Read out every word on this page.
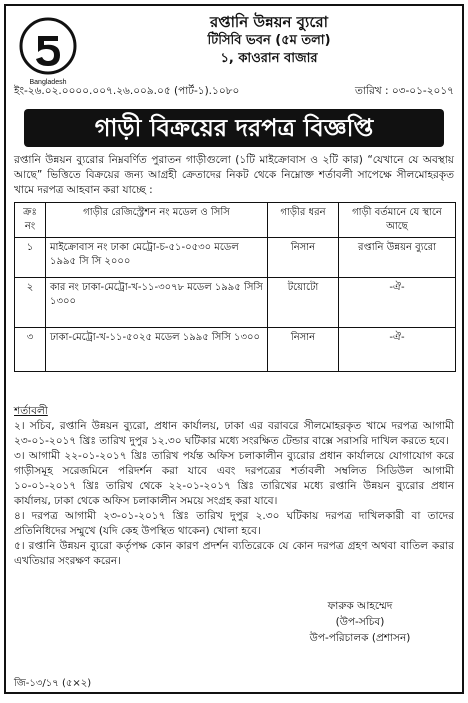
Bangladesh
রপ্তানি উন্নয়ন ব্যুরো
টিসিবি ভবন (৫ম তলা)
১, কাওরান বাজার
ইং-২৬.০২.০০০০.০০৭.২৬.০০৯.০৫ (পার্ট-১).১০৮০	তারিখ : ০৩-০১-২০১৭
গাড়ী বিক্রয়ের দরপত্র বিজ্ঞপ্তি
রপ্তানি উন্নয়ন ব্যুরোর নিম্নবর্ণিত পুরাতন গাড়ীগুলো (১টি মাইক্রোবাস ও ২টি কার) “যেখানে যে অবস্থায় আছে” ভিত্তিতে বিক্রয়ের জন্য আগ্রহী ক্রেতাদের নিকট থেকে নিম্নোক্ত শর্তাবলী সাপেক্ষে সীলমোহরকৃত খামে দরপত্র আহবান করা যাচ্ছে :
ক্রঃ নং	গাড়ীর রেজিস্ট্রেশন নং মডেল ও সিসি	গাড়ীর ধরন	গাড়ী বর্তমানে যে স্থানে আছে
১	মাইক্রোবাস নং ঢাকা মেট্রো-চ-৫১-০৫৩০ মডেল ১৯৯৫ সি সি ২০০০	নিসান	রপ্তানি উন্নয়ন ব্যুরো
২	কার নং ঢাকা-মেট্রো-খ-১১-৩০৭৮ মডেল ১৯৯৫ সিসি ১৩০০	টয়োটো	-ঐ-
৩	ঢাকা-মেট্রো-খ-১১-৫০২৫ মডেল ১৯৯৫ সিসি ১৩০০	নিসান	-ঐ-

শর্তাবলী

২। সচিব, রপ্তানি উন্নয়ন ব্যুরো, প্রধান কার্যালয়, ঢাকা এর বরাবরে সীলমোহরকৃত খামে দরপত্র আগামী ২৩-০১-২০১৭ খ্রিঃ তারিখ দুপুর ১২.৩০ ঘটিকার মধ্যে সংরক্ষিত টেন্ডার বাক্সে সরাসরি দাখিল করতে হবে।

৩। আগামী ২২-০১-২০১৭ খ্রিঃ তারিখ পর্যন্ত অফিস চলাকালীন ব্যুরোর প্রধান কার্যালয়ে যোগাযোগ করে গাড়ীসমূহ সরেজমিনে পরিদর্শন করা যাবে এবং দরপত্রের শর্তাবলী সম্বলিত সিডিউল আগামী ১০-০১-২০১৭ খ্রিঃ তারিখ থেকে ২২-০১-২০১৭ খ্রিঃ তারিখের মধ্যে রপ্তানি উন্নয়ন ব্যুরোর প্রধান কার্যালয়, ঢাকা থেকে অফিস চলাকালীন সময়ে সংগ্রহ করা যাবে।

৪। দরপত্র আগামী ২৩-০১-২০১৭ খ্রিঃ তারিখ দুপুর ২.৩০ ঘটিকায় দরপত্র দাখিলকারী বা তাদের প্রতিনিধিদের সম্মুখে (যদি কেহ উপস্থিত থাকেন) খোলা হবে।

৫। রপ্তানি উন্নয়ন ব্যুরো কর্তৃপক্ষ কোন কারণ প্রদর্শন ব্যতিরেকে যে কোন দরপত্র গ্রহণ অথবা বাতিল করার এখতিয়ার সংরক্ষণ করেন।

ফারুক আহম্মেদ
(উপ-সচিব)
উপ-পরিচালক (প্রশাসন)
জি-১৩/১৭ (৫×২)
